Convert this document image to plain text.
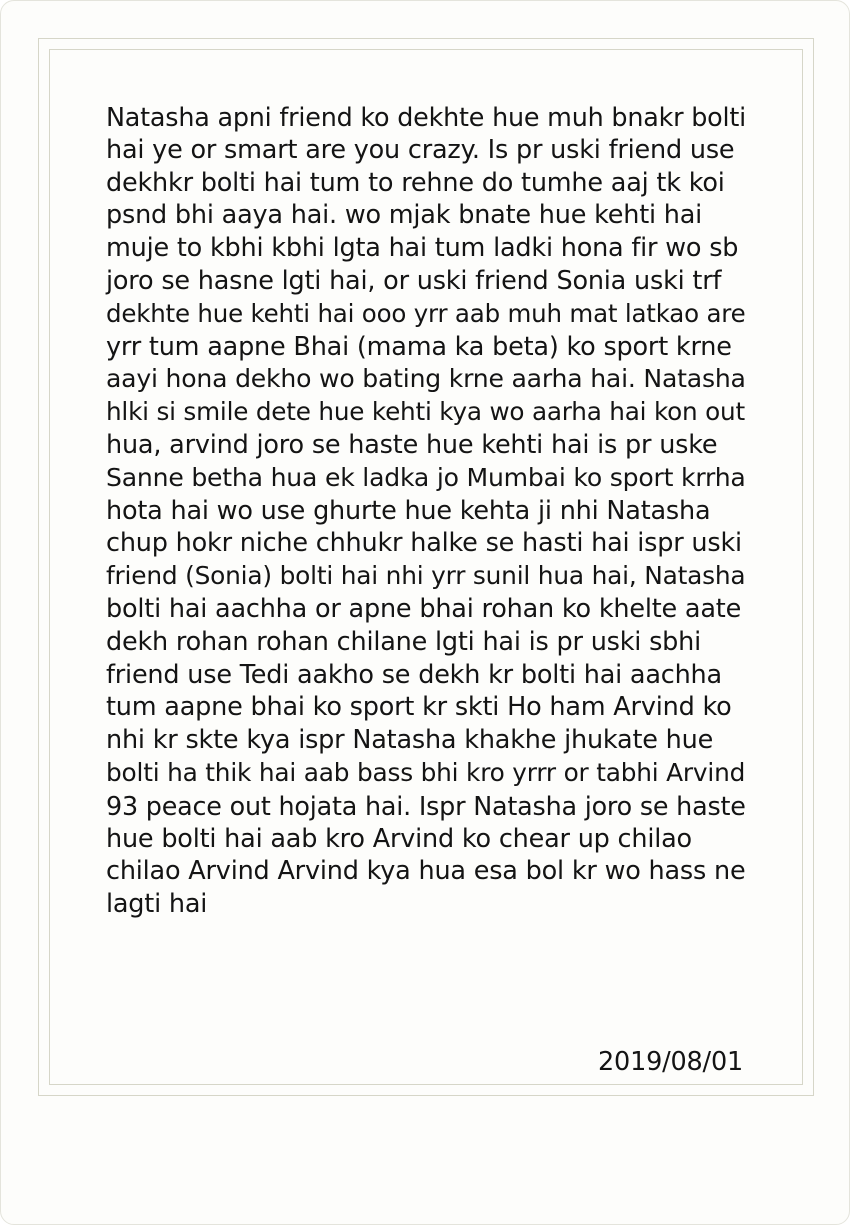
Natasha apni friend ko dekhte hue muh bnakr bolti
hai ye or smart are you crazy. Is pr uski friend use
dekhkr bolti hai tum to rehne do tumhe aaj tk koi
psnd bhi aaya hai. wo mjak bnate hue kehti hai
muje to kbhi kbhi lgta hai tum ladki hona fir wo sb
joro se hasne lgti hai, or uski friend Sonia uski trf
dekhte hue kehti hai ooo yrr aab muh mat latkao are
yrr tum aapne Bhai (mama ka beta) ko sport krne
aayi hona dekho wo bating krne aarha hai. Natasha
hlki si smile dete hue kehti kya wo aarha hai kon out
hua, arvind joro se haste hue kehti hai is pr uske
Sanne betha hua ek ladka jo Mumbai ko sport krrha
hota hai wo use ghurte hue kehta ji nhi Natasha
chup hokr niche chhukr halke se hasti hai ispr uski
friend (Sonia) bolti hai nhi yrr sunil hua hai, Natasha
bolti hai aachha or apne bhai rohan ko khelte aate
dekh rohan rohan chilane lgti hai is pr uski sbhi
friend use Tedi aakho se dekh kr bolti hai aachha
tum aapne bhai ko sport kr skti Ho ham Arvind ko
nhi kr skte kya ispr Natasha khakhe jhukate hue
bolti ha thik hai aab bass bhi kro yrrr or tabhi Arvind
93 peace out hojata hai. Ispr Natasha joro se haste
hue bolti hai aab kro Arvind ko chear up chilao
chilao Arvind Arvind kya hua esa bol kr wo hass ne
lagti hai
2019/08/01
